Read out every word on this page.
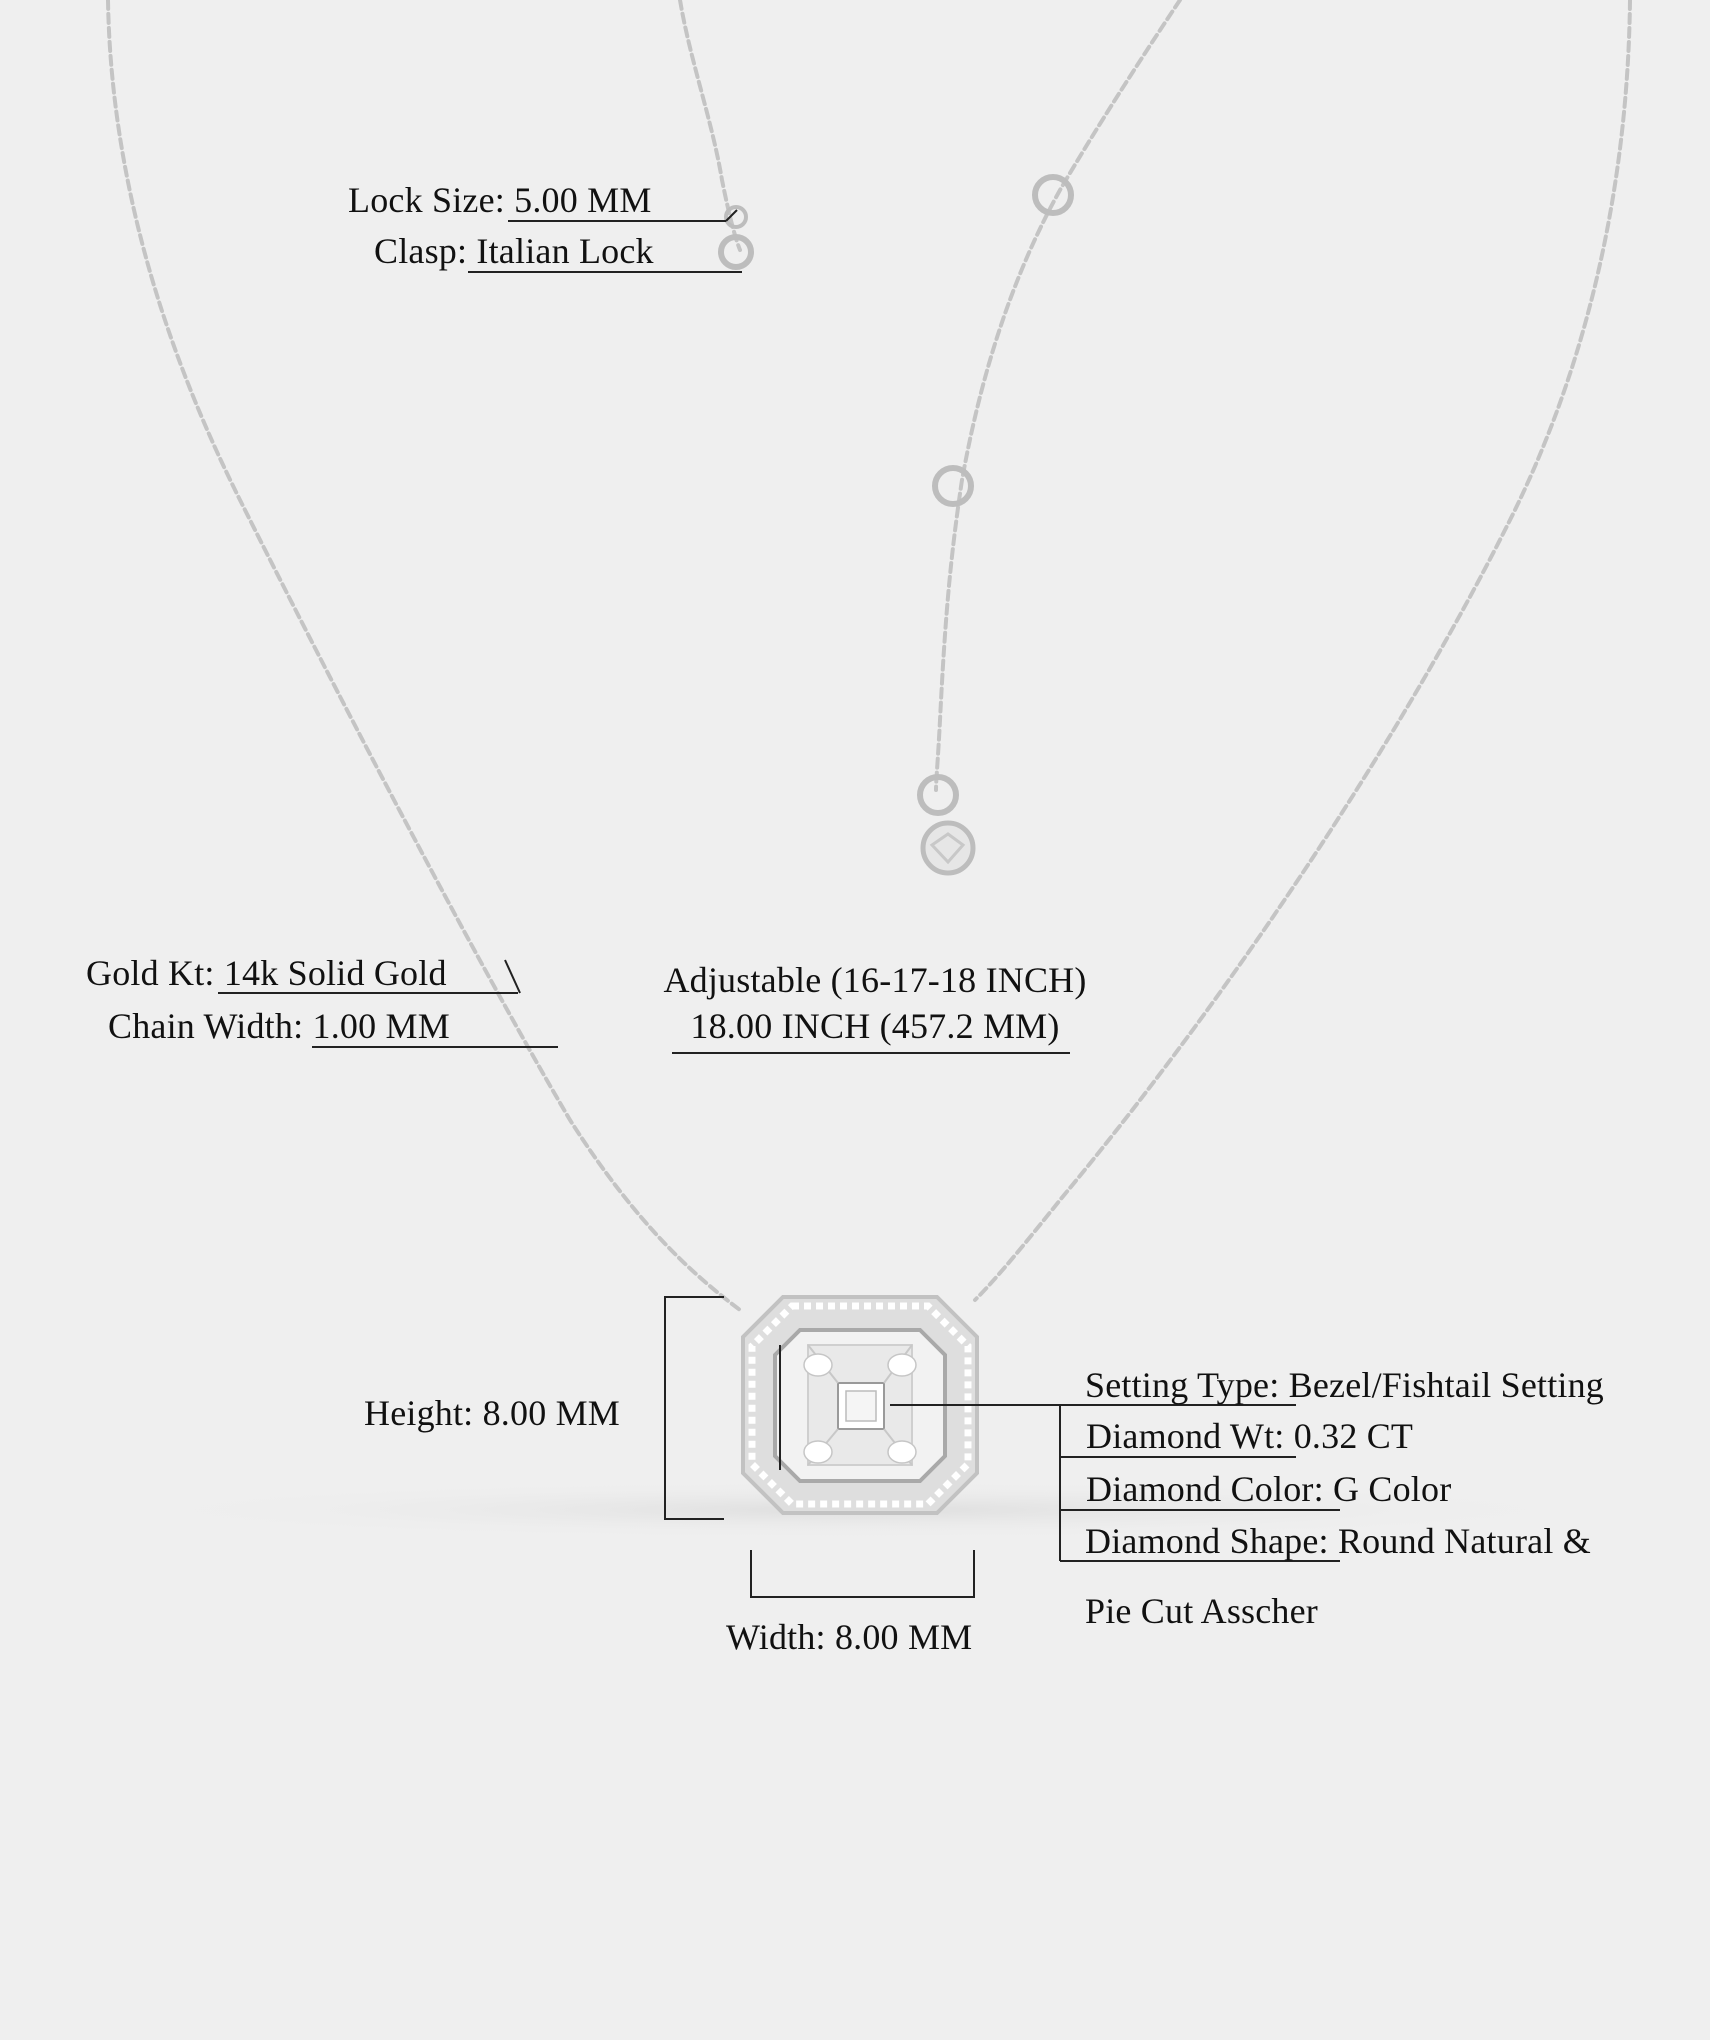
Lock Size: 5.00 MM
Clasp: Italian Lock
Gold Kt: 14k Solid Gold
Chain Width: 1.00 MM
Adjustable (16-17-18 INCH)
18.00 INCH (457.2 MM)
Height: 8.00 MM
Width: 8.00 MM
Setting Type: Bezel/Fishtail Setting
Diamond Wt: 0.32 CT
Diamond Color: G Color
Diamond Shape: Round Natural &
Pie Cut Asscher
